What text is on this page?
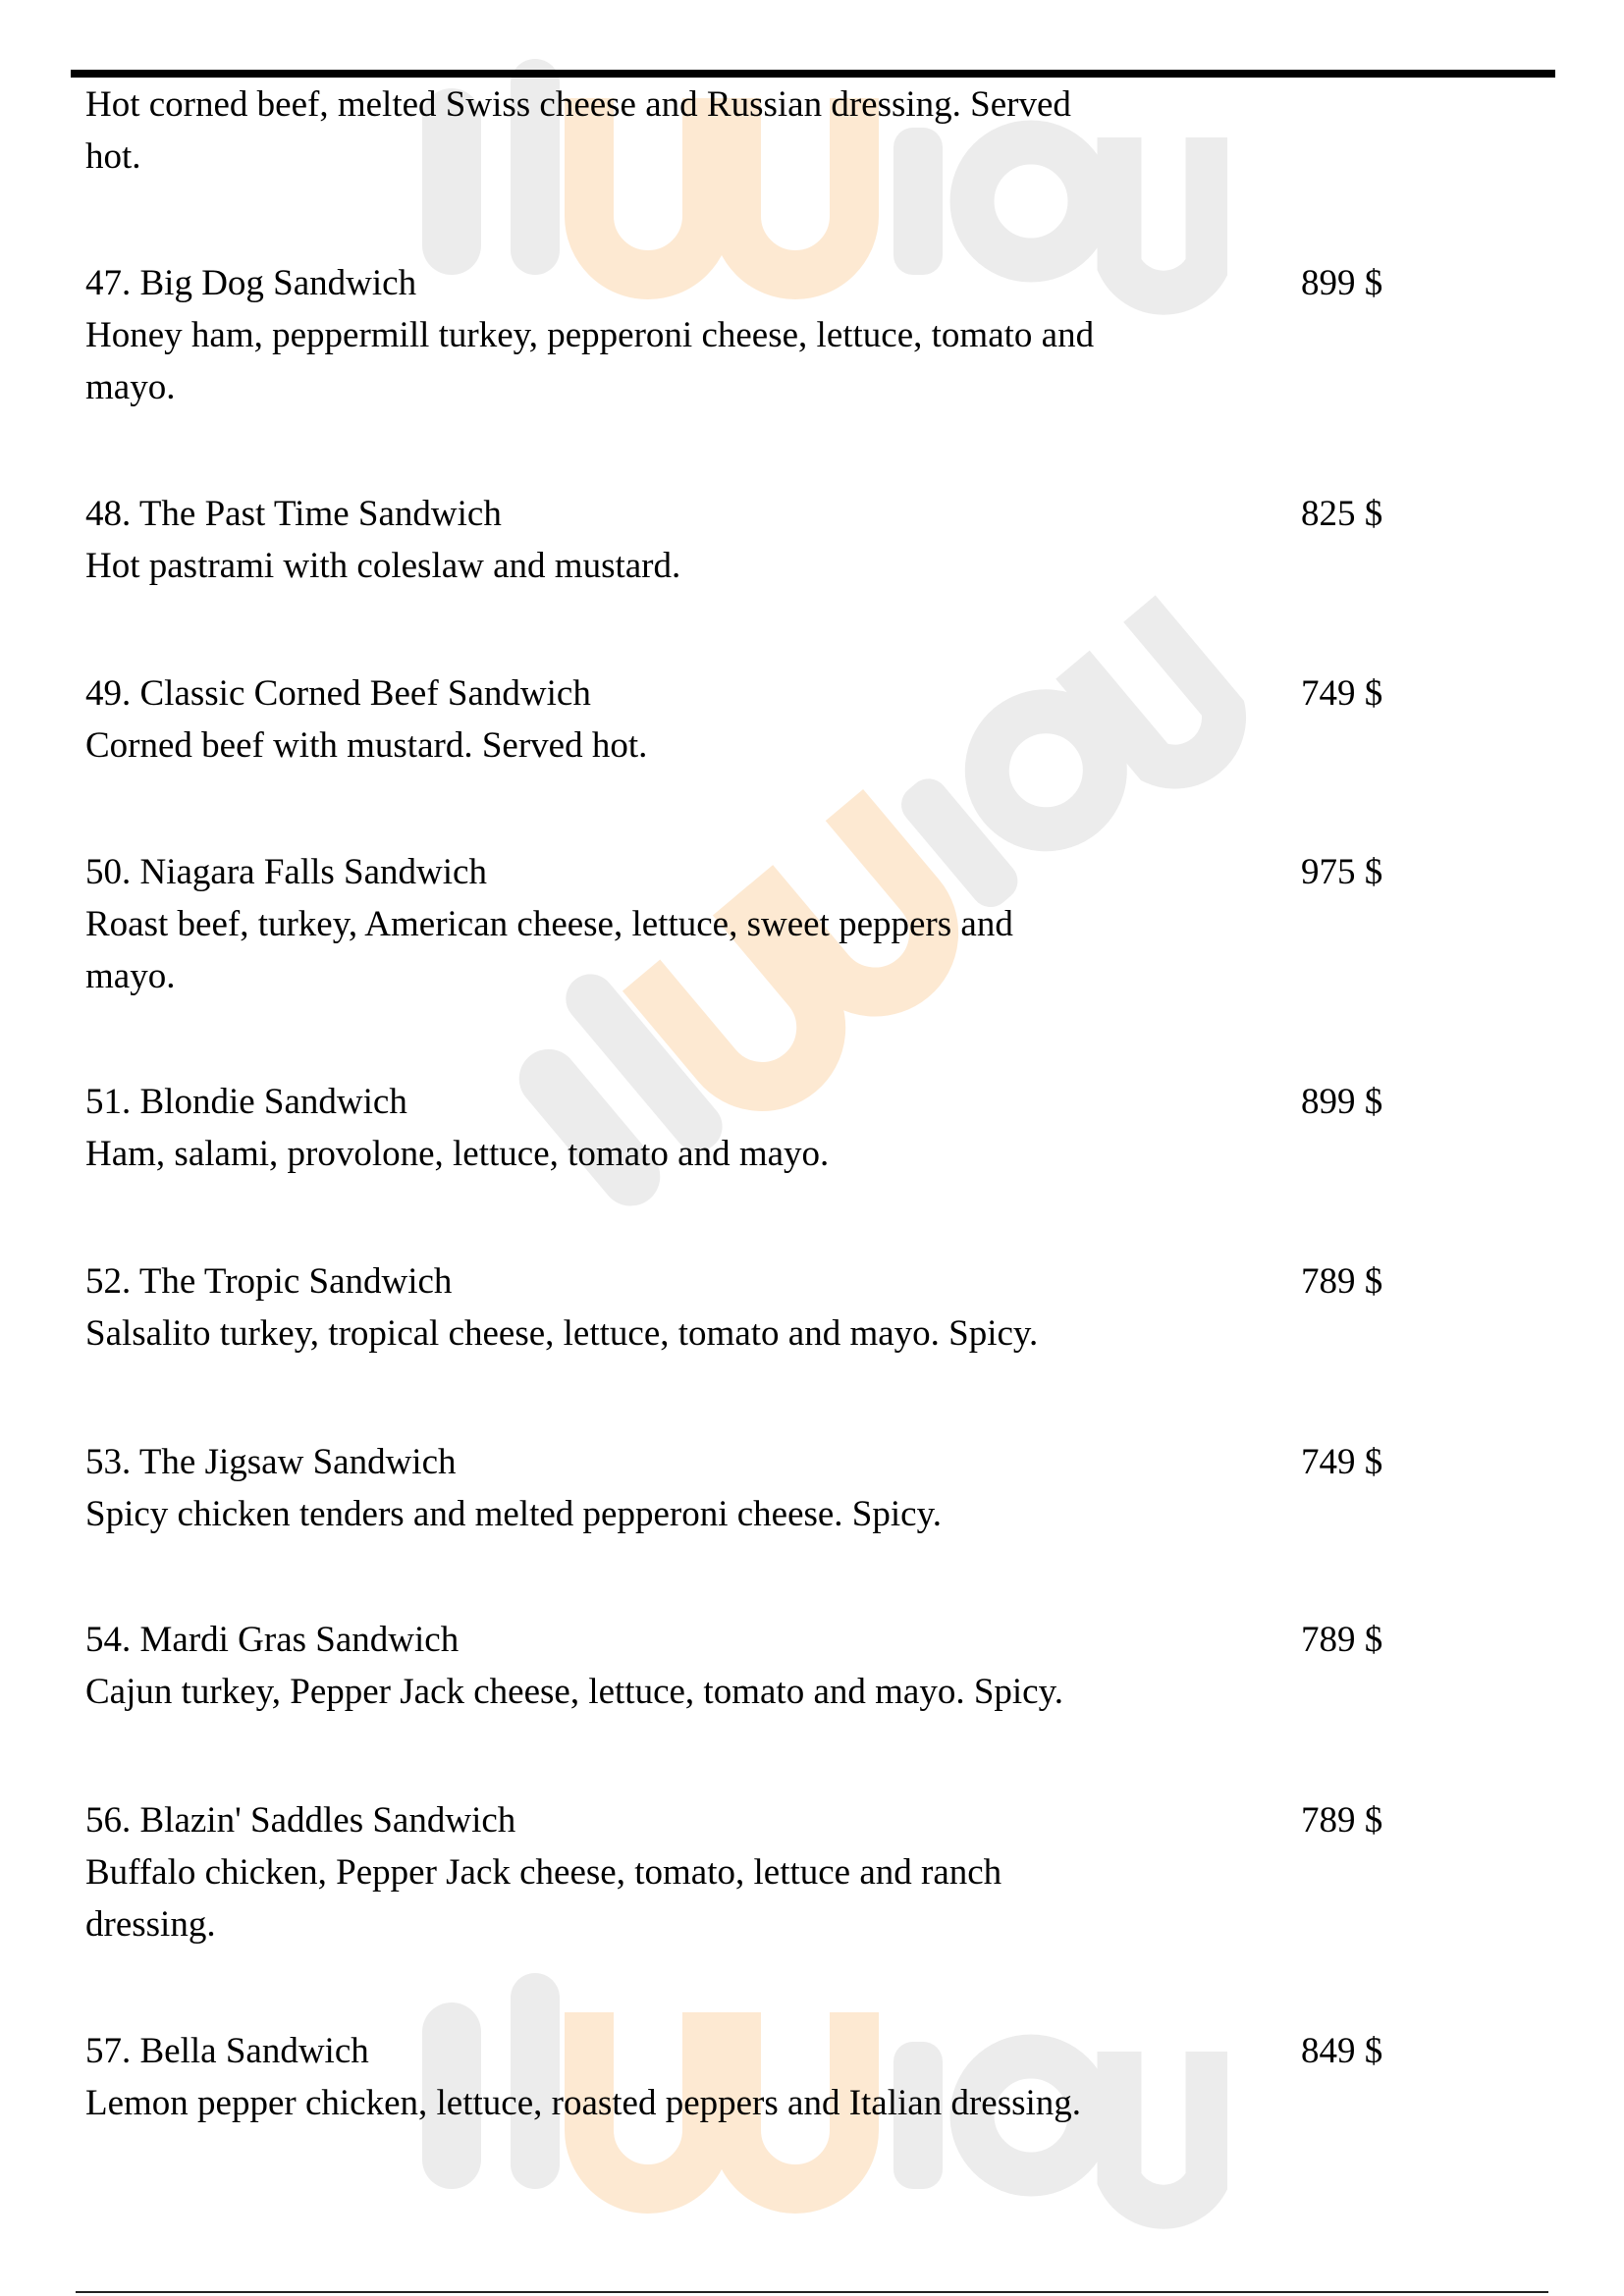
Hot corned beef, melted Swiss cheese and Russian dressing. Served
hot.
47. Big Dog Sandwich	899 $
Honey ham, peppermill turkey, pepperoni cheese, lettuce, tomato and
mayo.
48. The Past Time Sandwich	825 $
Hot pastrami with coleslaw and mustard.
49. Classic Corned Beef Sandwich	749 $
Corned beef with mustard. Served hot.
50. Niagara Falls Sandwich	975 $
Roast beef, turkey, American cheese, lettuce, sweet peppers and
mayo.
51. Blondie Sandwich	899 $
Ham, salami, provolone, lettuce, tomato and mayo.
52. The Tropic Sandwich	789 $
Salsalito turkey, tropical cheese, lettuce, tomato and mayo. Spicy.
53. The Jigsaw Sandwich	749 $
Spicy chicken tenders and melted pepperoni cheese. Spicy.
54. Mardi Gras Sandwich	789 $
Cajun turkey, Pepper Jack cheese, lettuce, tomato and mayo. Spicy.
56. Blazin' Saddles Sandwich	789 $
Buffalo chicken, Pepper Jack cheese, tomato, lettuce and ranch
dressing.
57. Bella Sandwich	849 $
Lemon pepper chicken, lettuce, roasted peppers and Italian dressing.
